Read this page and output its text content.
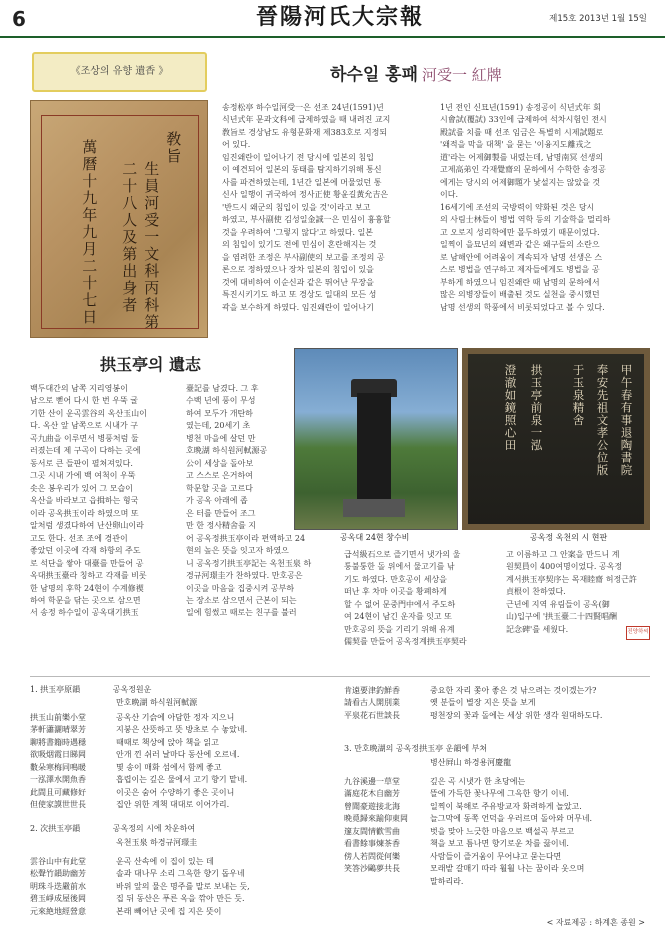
6	晉陽河氏大宗報	제15호 2013년 1월 15일
《조상의 유향 遺香 》
敎旨
生員河受一文科丙科第
二十八人及第出身者
萬曆十九年九月二十七日
하수일 홍패 河受一 紅牌
송정松亭 하수일河受一은 선조 24년(1591)년
식년式年 문과文科에 급제하였을 때 내려진 교지
敎旨로 경상남도 유형문화재 제383호로 지정되
어 있다.
임진왜란이 일어나기 전 당시에 일본의 침입
이 예견되어 일본의 동태를 탐지하기위해 통신
사를 파견하였는데, 1년간 일본에 머물었던 통
신사 일행이 귀국하여 정사正使 황윤길黃允吉은
'반드시 왜군의 침입이 있을 것'이라고 보고
하였고, 부사副使 김성일金誠一은 민심이 흉흉할
것을 우려하여 '그렇지 않다'고 하였다. 일본
의 침입이 있기도 전에 민심이 혼란해지는 것
을 염려한 조정은 부사副使의 보고를 조정의 공
론으로 정하였으나 장차 일본의 침입이 있을
것에 대비하여 이순신과 같은 뛰어난 무장을
특진시키기도 하고 또 경상도 일대의 모든 성
곽을 보수하게 하였다. 임진왜란이 일어나기
1년 전인 신묘년(1591) 송정공이 식년式年 회
시會試(覆試) 33인에 급제하여 석차시험인 전시
殿試를 치를 때 선조 임금은 특별히 시제試題로
'왜적을 막을 대책' 을 묻는 '이융지도離戎之
道'라는 어제御製를 내렸는데, 남명南冥 선생의
고제高弟인 각재覺齋의 문하에서 수학한 송정공
에게는 당시의 어제御題가 낯설지는 않았을 것
이다.
16세기에 조선의 국방력이 약화된 것은 당시
의 사림士林들이 병법 역학 등의 기술학을 멀리하
고 오로지 성리학에만 몰두하였기 때문이었다.
일찍이 을묘년의 왜변과 같은 왜구들의 소란으
로 남해안에 어려움이 계속되자 남명 선생은 스
스로 병법을 연구하고 제자들에게도 병법을 공
부하게 하였으니 임진왜란 때 남명의 문하에서
많은 의병장들이 배출된 것도 실천을 중시했던
남명 선생의 학풍에서 비롯되었다고 볼 수 있다.
拱玉亭의 遺志
공옥대 24현 창수비
甲午春有事退陶書院
奉安先祖文孝公位版
于玉泉精舍
拱玉亭前泉一泓
澄澈如鏡照心田
공옥정 옥천의 시 현판
백두대간의 남쪽 지리영봉이
남으로 뻗어 다시 한 번 우뚝 굴
기한 산이 운곡雲谷의 옥산玉山이
다. 옥산 앞 남쪽으로 시내가 구
곡九曲을 이루면서 병풍처럼 둘
러졌는데 제 구곡이 다하는 곳에
동서로 큰 들판이 펼쳐져있다.
그곳 시내 가에 백 여척이 우뚝
솟은 봉우리가 있어 그 모습이
옥산을 바라보고 읍揖하는 형국
이라 공옥拱玉이라 하였으며 또
알처럼 생겼다하여 난산卵山이라
고도 한다. 선조 조에 경관이
좋았던 이곳에 각재 하항의 주도
로 석단을 쌓아 대臺를 만들어 공
옥대拱玉臺라 칭하고 각재를 비롯
한 남명의 후학 24현이 수계修禊
하여 학문을 닦는 곳으로 삼으면
서 송정 하수일이 공옥대기拱玉
臺記를 남겼다. 그 후
수백 년에 풍이 무성
하여 모두가 개탄하
였는데, 20세기 초
병천 마을에 살던 만
호晩湖 하식원河軾源공
公이 세상을 돌아보
고 스스로 은거하여
학문할 곳을 고르다
가 공옥 아래에 좁
은 터를 만들어 조그
만 한 정사精舍를 지
어 공옥정拱玉亭이라 편액하고 24
현의 높은 뜻을 잇고자 하였으
니 공옥정기拱玉亭記는 옥천玉泉 하
경규河璟圭가 찬하였다. 만호공은
이곳을 마음을 집중시켜 공부하
는 장소로 삼으면서 근본이 되는
일에 힘썼고 때로는 친구를 불러
급석級石으로 즐기면서 냇가의 울
퉁불퉁한 돌 위에서 물고기를 낚
기도 하였다. 만호공이 세상을
떠난 후 차마 이곳을 황폐하게
할 수 없어 문중門中에서 주도하
여 24현이 남긴 운자를 잇고 또
만호공의 뜻을 기리기 위해 유계
儒契를 만들어 공옥정계拱玉亭契라
고 이름하고 그 안案을 만드니 계
원契員이 400여명이었다. 공옥정
계서拱玉亭契序는 목재睦齋 허정근許
貞根이 찬하였다.
근년에 지역 유림들이 공옥(御
山)입구에 '拱玉臺二十四賢唱酬
記念碑'를 세웠다.	진양하씨
1. 拱玉亭原韻	공옥정원운
만호晩湖 하식원河軾源
拱玉山前樂小堂	공옥산 기슭에 아담한 정자 지으니
茅軒瀟灑晴翠芳	지붕은 산뜻하고 뜻 방초로 수 놓았네.
聊將書籍時遇穩	때때로 책상에 앉아 책을 읽고
欲吸烟霞日睇岡	안개 낀 쉬러 날마다 동산에 오르네.
數朵寒梅同鳴暖	몇 송이 매화 섬에서 함께 좋고
一泓澤水開魚香	흡렵이는 깊은 물에서 고기 향기 맡네.
此間且可藏修好	이곳은 숨어 수양하기 좋은 곳이니
但使家謨世世長	집안 위한 계책 대대로 이어가리.
2. 次拱玉亭韻	공옥정의 시에 차운하여
옥천玉泉 하경규河璟圭
雲谷山中有此堂	운곡 산속에 이 집이 있는 데
松聲竹韻助幽芳	솔과 대나무 소리 그윽한 향기 돕우네
明珠斗迭嚴前水	바위 앞의 물은 명주를 말로 보내는 듯,
碧玉崢成屋後岡	집 뒤 동산은 푸른 옥을 깎아 만든 듯.
元來絶地經營意	본래 빼어난 곳에 집 지은 뜻이
肯遠要津釣鮮香	중요한 자리 쫓아 좋은 것 낚으려는 것이겠는가?
請看古人開別業	옛 분들이 별장 지은 뜻을 보게
平泉花石世談長	평천장의 꽃과 돌에는 세상 위한 생각 원대하도다.
3. 만호晩湖의 공옥정拱玉亭 운韻에 부쳐
병산屛山 하경용河慶龍
九谷溪邊一草堂	깊은 곡 시냇가 한 초당에는
滿庭花木自幽芳	뜰에 가득한 꽃나무에 그윽한 향기 이네.
曾聞豪遊接北海	일찍이 북해로 주유방교자 화려하게 놀았고.
晩覓歸來踰仰東岡	늘그막에 동쪽 언덕을 우러르며 돌아와 머무네.
邃友間情歡雪曲	벗을 맞아 느긋한 마음으로 백설곡 부르고
看書餘事煉茶香	책을 보고 틈나면 향기로운 차를 끓이네.
傍人若問從何樂	사람들이 즐거움이 무어냐고 묻는다면
笑答沙鷗夢共長	모래밭 갈매기 따라 훨훨 나는 꿈이라 웃으며
말하리라.
< 자료제공 : 하계흔 종원 >
